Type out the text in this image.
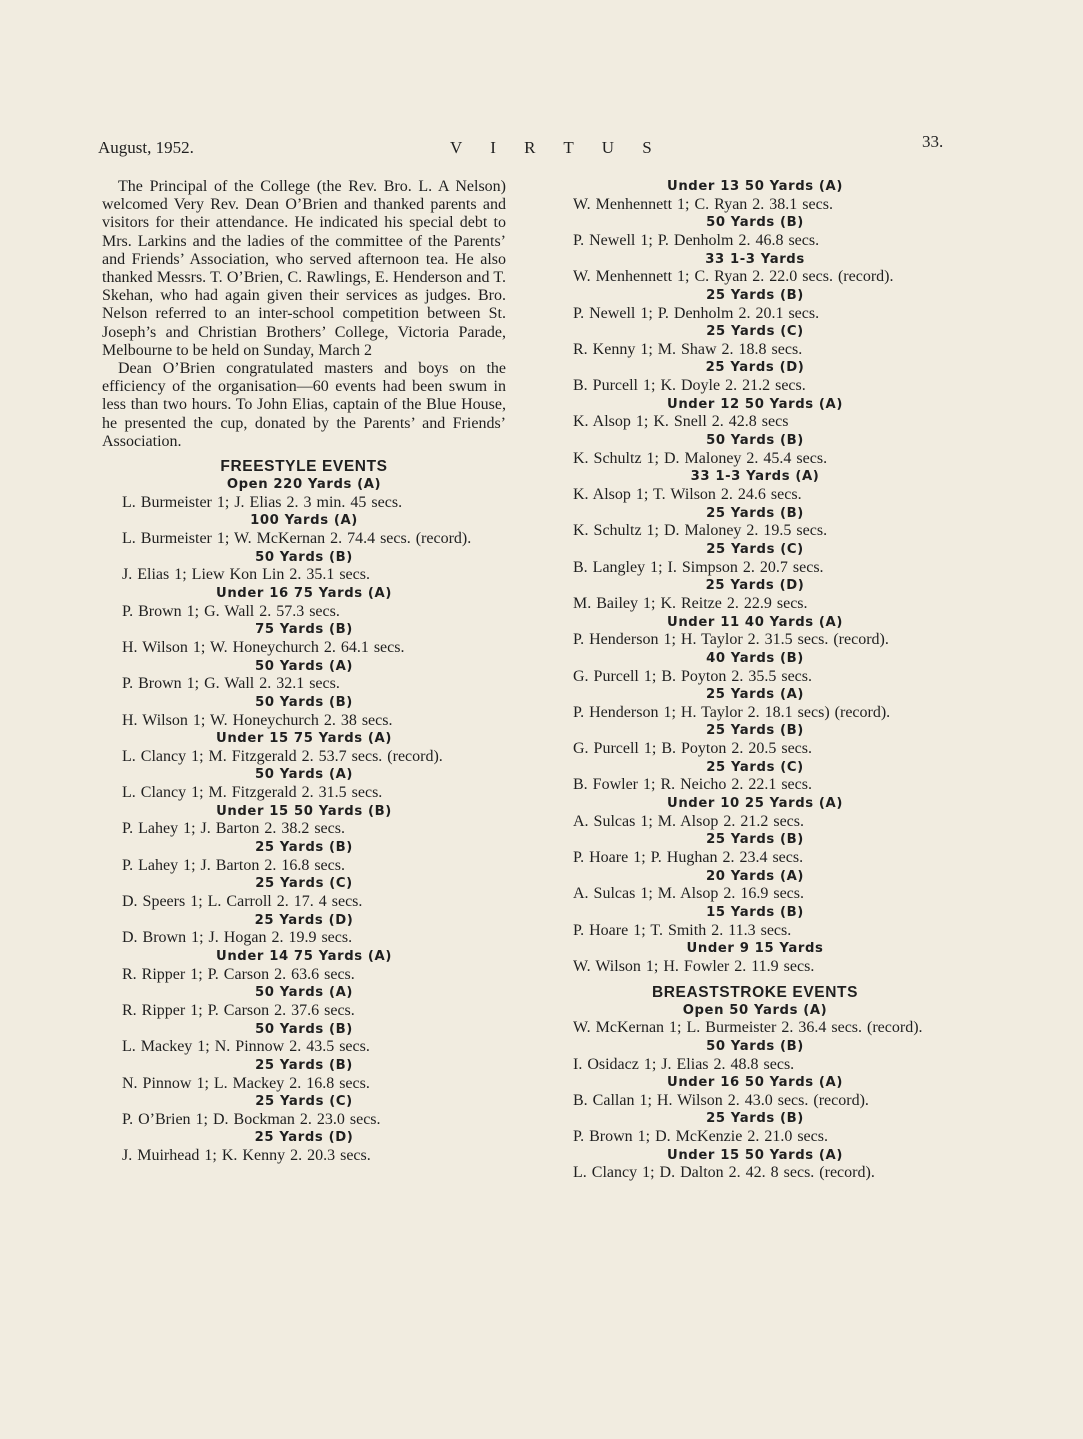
August, 1952.	V I R T U S	33.

The Principal of the College (the Rev. Bro. L. A Nelson) welcomed Very Rev. Dean O’Brien and thanked parents and visitors for their attendance. He indicated his special debt to Mrs. Larkins and the ladies of the committee of the Parents’ and Friends’ Association, who served afternoon tea. He also thanked Messrs. T. O’Brien, C. Rawlings, E. Henderson and T. Skehan, who had again given their services as judges. Bro. Nelson referred to an inter-school competition between St. Joseph’s and Christian Brothers’ College, Victoria Parade, Melbourne to be held on Sunday, March 2

Dean O’Brien congratulated masters and boys on the efficiency of the organisation—60 events had been swum in less than two hours. To John Elias, captain of the Blue House, he presented the cup, donated by the Parents’ and Friends’ Association.

FREESTYLE EVENTS
Open 220 Yards (A)
L. Burmeister 1; J. Elias 2. 3 min. 45 secs.
100 Yards (A)
L. Burmeister 1; W. McKernan 2. 74.4 secs. (record).
50 Yards (B)
J. Elias 1; Liew Kon Lin 2. 35.1 secs.
Under 16 75 Yards (A)
P. Brown 1; G. Wall 2. 57.3 secs.
75 Yards (B)
H. Wilson 1; W. Honeychurch 2. 64.1 secs.
50 Yards (A)
P. Brown 1; G. Wall 2. 32.1 secs.
50 Yards (B)
H. Wilson 1; W. Honeychurch 2. 38 secs.
Under 15 75 Yards (A)
L. Clancy 1; M. Fitzgerald 2. 53.7 secs. (record).
50 Yards (A)
L. Clancy 1; M. Fitzgerald 2. 31.5 secs.
Under 15 50 Yards (B)
P. Lahey 1; J. Barton 2. 38.2 secs.
25 Yards (B)
P. Lahey 1; J. Barton 2. 16.8 secs.
25 Yards (C)
D. Speers 1; L. Carroll 2. 17. 4 secs.
25 Yards (D)
D. Brown 1; J. Hogan 2. 19.9 secs.
Under 14 75 Yards (A)
R. Ripper 1; P. Carson 2. 63.6 secs.
50 Yards (A)
R. Ripper 1; P. Carson 2. 37.6 secs.
50 Yards (B)
L. Mackey 1; N. Pinnow 2. 43.5 secs.
25 Yards (B)
N. Pinnow 1; L. Mackey 2. 16.8 secs.
25 Yards (C)
P. O’Brien 1; D. Bockman 2. 23.0 secs.
25 Yards (D)
J. Muirhead 1; K. Kenny 2. 20.3 secs.
Under 13 50 Yards (A)
W. Menhennett 1; C. Ryan 2. 38.1 secs.
50 Yards (B)
P. Newell 1; P. Denholm 2. 46.8 secs.
33 1-3 Yards
W. Menhennett 1; C. Ryan 2. 22.0 secs. (record).
25 Yards (B)
P. Newell 1; P. Denholm 2. 20.1 secs.
25 Yards (C)
R. Kenny 1; M. Shaw 2. 18.8 secs.
25 Yards (D)
B. Purcell 1; K. Doyle 2. 21.2 secs.
Under 12 50 Yards (A)
K. Alsop 1; K. Snell 2. 42.8 secs
50 Yards (B)
K. Schultz 1; D. Maloney 2. 45.4 secs.
33 1-3 Yards (A)
K. Alsop 1; T. Wilson 2. 24.6 secs.
25 Yards (B)
K. Schultz 1; D. Maloney 2. 19.5 secs.
25 Yards (C)
B. Langley 1; I. Simpson 2. 20.7 secs.
25 Yards (D)
M. Bailey 1; K. Reitze 2. 22.9 secs.
Under 11 40 Yards (A)
P. Henderson 1; H. Taylor 2. 31.5 secs. (record).
40 Yards (B)
G. Purcell 1; B. Poyton 2. 35.5 secs.
25 Yards (A)
P. Henderson 1; H. Taylor 2. 18.1 secs) (record).
25 Yards (B)
G. Purcell 1; B. Poyton 2. 20.5 secs.
25 Yards (C)
B. Fowler 1; R. Neicho 2. 22.1 secs.
Under 10 25 Yards (A)
A. Sulcas 1; M. Alsop 2. 21.2 secs.
25 Yards (B)
P. Hoare 1; P. Hughan 2. 23.4 secs.
20 Yards (A)
A. Sulcas 1; M. Alsop 2. 16.9 secs.
15 Yards (B)
P. Hoare 1; T. Smith 2. 11.3 secs.
Under 9 15 Yards
W. Wilson 1; H. Fowler 2. 11.9 secs.
BREASTSTROKE EVENTS
Open 50 Yards (A)
W. McKernan 1; L. Burmeister 2. 36.4 secs. (record).
50 Yards (B)
I. Osidacz 1; J. Elias 2. 48.8 secs.
Under 16 50 Yards (A)
B. Callan 1; H. Wilson 2. 43.0 secs. (record).
25 Yards (B)
P. Brown 1; D. McKenzie 2. 21.0 secs.
Under 15 50 Yards (A)
L. Clancy 1; D. Dalton 2. 42. 8 secs. (record).
